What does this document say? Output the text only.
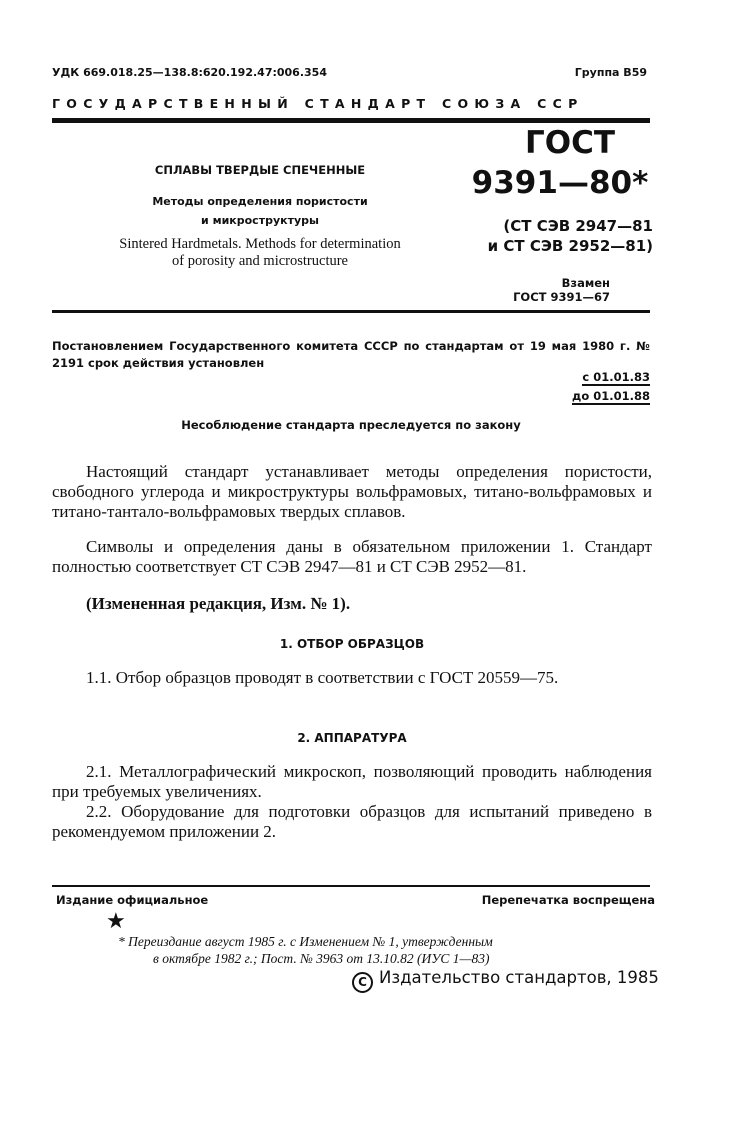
УДК 669.018.25—138.8:620.192.47:006.354	Группа В59
ГОСУДАРСТВЕННЫЙ СТАНДАРТ СОЮЗА ССР
СПЛАВЫ ТВЕРДЫЕ СПЕЧЕННЫЕ
Методы определения пористости
и микроструктуры
Sintered Hardmetals. Methods for determination
of porosity and microstructure
ГОСТ
9391—80*
(СТ СЭВ 2947—81
и СТ СЭВ 2952—81)
Взамен
ГОСТ 9391—67
Постановлением Государственного комитета СССР по стандартам от 19 мая 1980 г. № 2191 срок действия установлен
с 01.01.83
до 01.01.88
Несоблюдение стандарта преследуется по закону
Настоящий стандарт устанавливает методы определения пористости, свободного углерода и микроструктуры вольфрамовых, титано-вольфрамовых и титано-тантало-вольфрамовых твердых сплавов.
Символы и определения даны в обязательном приложении 1. Стандарт полностью соответствует СТ СЭВ 2947—81 и СТ СЭВ 2952—81.
(Измененная редакция, Изм. № 1).
1. ОТБОР ОБРАЗЦОВ
1.1. Отбор образцов проводят в соответствии с ГОСТ 20559—75.
2. АППАРАТУРА
2.1. Металлографический микроскоп, позволяющий проводить наблюдения при требуемых увеличениях.
2.2. Оборудование для подготовки образцов для испытаний приведено в рекомендуемом приложении 2.
Издание официальное	Перепечатка воспрещена
★
* Переиздание август 1985 г. с Изменением № 1, утвержденным
в октябре 1982 г.; Пост. № 3963 от 13.10.82 (ИУС 1—83)
C Издательство стандартов, 1985
